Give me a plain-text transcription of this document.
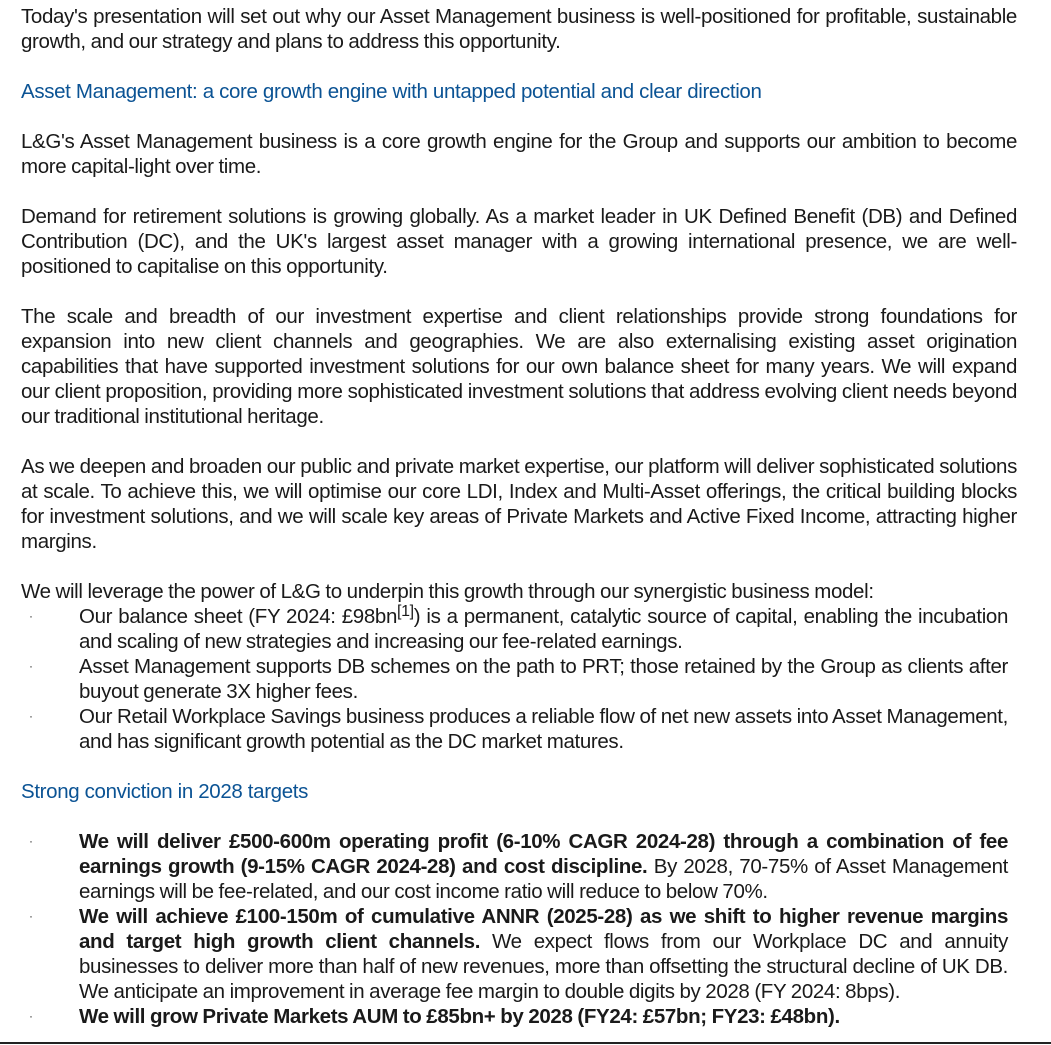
Today's presentation will set out why our Asset Management business is well-positioned for profitable, sustainable growth, and our strategy and plans to address this opportunity.

Asset Management: a core growth engine with untapped potential and clear direction

L&G's Asset Management business is a core growth engine for the Group and supports our ambition to become more capital-light over time.

Demand for retirement solutions is growing globally. As a market leader in UK Defined Benefit (DB) and Defined Contribution (DC), and the UK's largest asset manager with a growing international presence, we are well-positioned to capitalise on this opportunity.

The scale and breadth of our investment expertise and client relationships provide strong foundations for expansion into new client channels and geographies. We are also externalising existing asset origination capabilities that have supported investment solutions for our own balance sheet for many years. We will expand our client proposition, providing more sophisticated investment solutions that address evolving client needs beyond our traditional institutional heritage.

As we deepen and broaden our public and private market expertise, our platform will deliver sophisticated solutions at scale. To achieve this, we will optimise our core LDI, Index and Multi-Asset offerings, the critical building blocks for investment solutions, and we will scale key areas of Private Markets and Active Fixed Income, attracting higher margins.

We will leverage the power of L&G to underpin this growth through our synergistic business model:

· Our balance sheet (FY 2024: £98bn[1]) is a permanent, catalytic source of capital, enabling the incubation and scaling of new strategies and increasing our fee-related earnings.

· Asset Management supports DB schemes on the path to PRT; those retained by the Group as clients after buyout generate 3X higher fees.

· Our Retail Workplace Savings business produces a reliable flow of net new assets into Asset Management, and has significant growth potential as the DC market matures.

Strong conviction in 2028 targets
· We will deliver £500-600m operating profit (6-10% CAGR 2024-28) through a combination of fee earnings growth (9-15% CAGR 2024-28) and cost discipline. By 2028, 70-75% of Asset Management earnings will be fee-related, and our cost income ratio will reduce to below 70%.

· We will achieve £100-150m of cumulative ANNR (2025-28) as we shift to higher revenue margins and target high growth client channels. We expect flows from our Workplace DC and annuity businesses to deliver more than half of new revenues, more than offsetting the structural decline of UK DB. We anticipate an improvement in average fee margin to double digits by 2028 (FY 2024: 8bps).

· We will grow Private Markets AUM to £85bn+ by 2028 (FY24: £57bn; FY23: £48bn).
